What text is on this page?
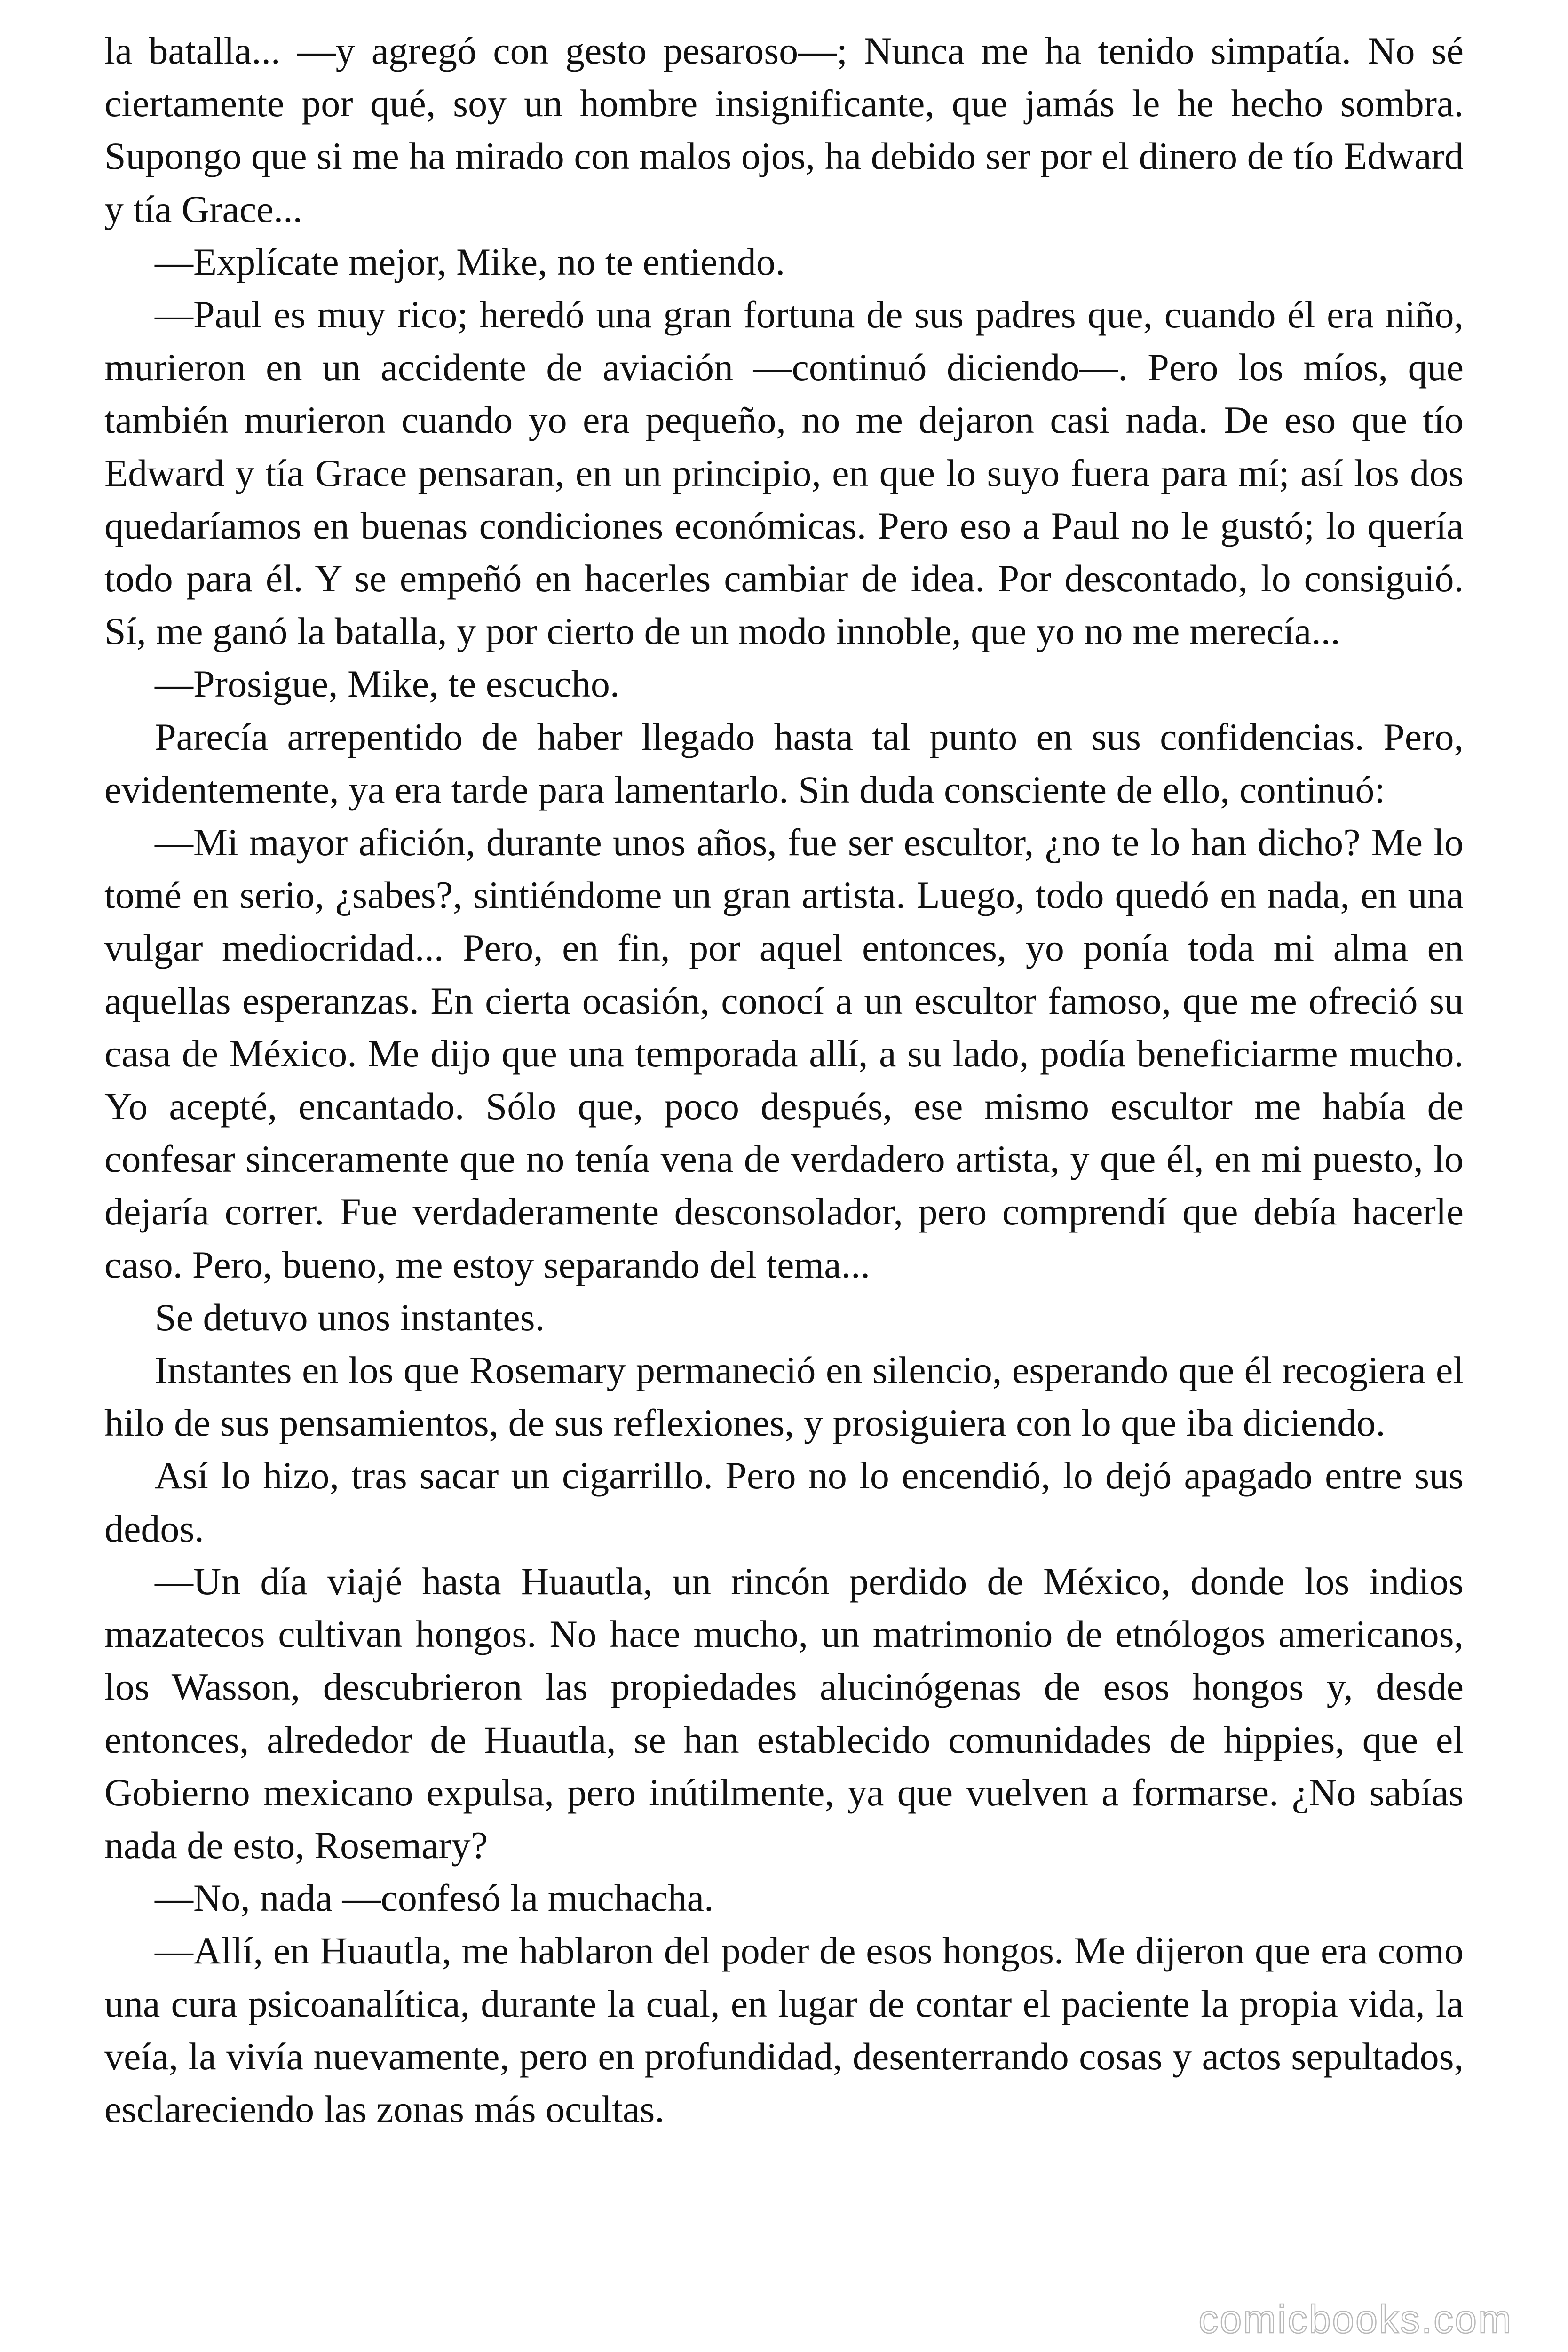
la batalla... —y agregó con gesto pesaroso—; Nunca me ha tenido simpatía. No sé ciertamente por qué, soy un hombre insignificante, que jamás le he hecho sombra. Supongo que si me ha mirado con malos ojos, ha debido ser por el dinero de tío Edward y tía Grace...

—Explícate mejor, Mike, no te entiendo.

—Paul es muy rico; heredó una gran fortuna de sus padres que, cuando él era niño, murieron en un accidente de aviación —continuó diciendo—. Pero los míos, que también murieron cuando yo era pequeño, no me dejaron casi nada. De eso que tío Edward y tía Grace pensaran, en un principio, en que lo suyo fuera para mí; así los dos quedaríamos en buenas condiciones económicas. Pero eso a Paul no le gustó; lo quería todo para él. Y se empeñó en hacerles cambiar de idea. Por descontado, lo consiguió. Sí, me ganó la batalla, y por cierto de un modo innoble, que yo no me merecía...

—Prosigue, Mike, te escucho.

Parecía arrepentido de haber llegado hasta tal punto en sus confidencias. Pero, evidentemente, ya era tarde para lamentarlo. Sin duda consciente de ello, continuó:

—Mi mayor afición, durante unos años, fue ser escultor, ¿no te lo han dicho? Me lo tomé en serio, ¿sabes?, sintiéndome un gran artista. Luego, todo quedó en nada, en una vulgar mediocridad... Pero, en fin, por aquel entonces, yo ponía toda mi alma en aquellas esperanzas. En cierta ocasión, conocí a un escultor famoso, que me ofreció su casa de México. Me dijo que una temporada allí, a su lado, podía beneficiarme mucho. Yo acepté, encantado. Sólo que, poco después, ese mismo escultor me había de confesar sinceramente que no tenía vena de verdadero artista, y que él, en mi puesto, lo dejaría correr. Fue verdaderamente desconsolador, pero comprendí que debía hacerle caso. Pero, bueno, me estoy separando del tema...

Se detuvo unos instantes.

Instantes en los que Rosemary permaneció en silencio, esperando que él recogiera el hilo de sus pensamientos, de sus reflexiones, y prosiguiera con lo que iba diciendo.

Así lo hizo, tras sacar un cigarrillo. Pero no lo encendió, lo dejó apagado entre sus dedos.

—Un día viajé hasta Huautla, un rincón perdido de México, donde los indios mazatecos cultivan hongos. No hace mucho, un matrimonio de etnólogos americanos, los Wasson, descubrieron las propiedades alucinógenas de esos hongos y, desde entonces, alrededor de Huautla, se han establecido comunidades de hippies, que el Gobierno mexicano expulsa, pero inútilmente, ya que vuelven a formarse. ¿No sabías nada de esto, Rosemary?

—No, nada —confesó la muchacha.

—Allí, en Huautla, me hablaron del poder de esos hongos. Me dijeron que era como una cura psicoanalítica, durante la cual, en lugar de contar el paciente la propia vida, la veía, la vivía nuevamente, pero en profundidad, desenterrando cosas y actos sepultados, esclareciendo las zonas más ocultas.

comicbooks.com
